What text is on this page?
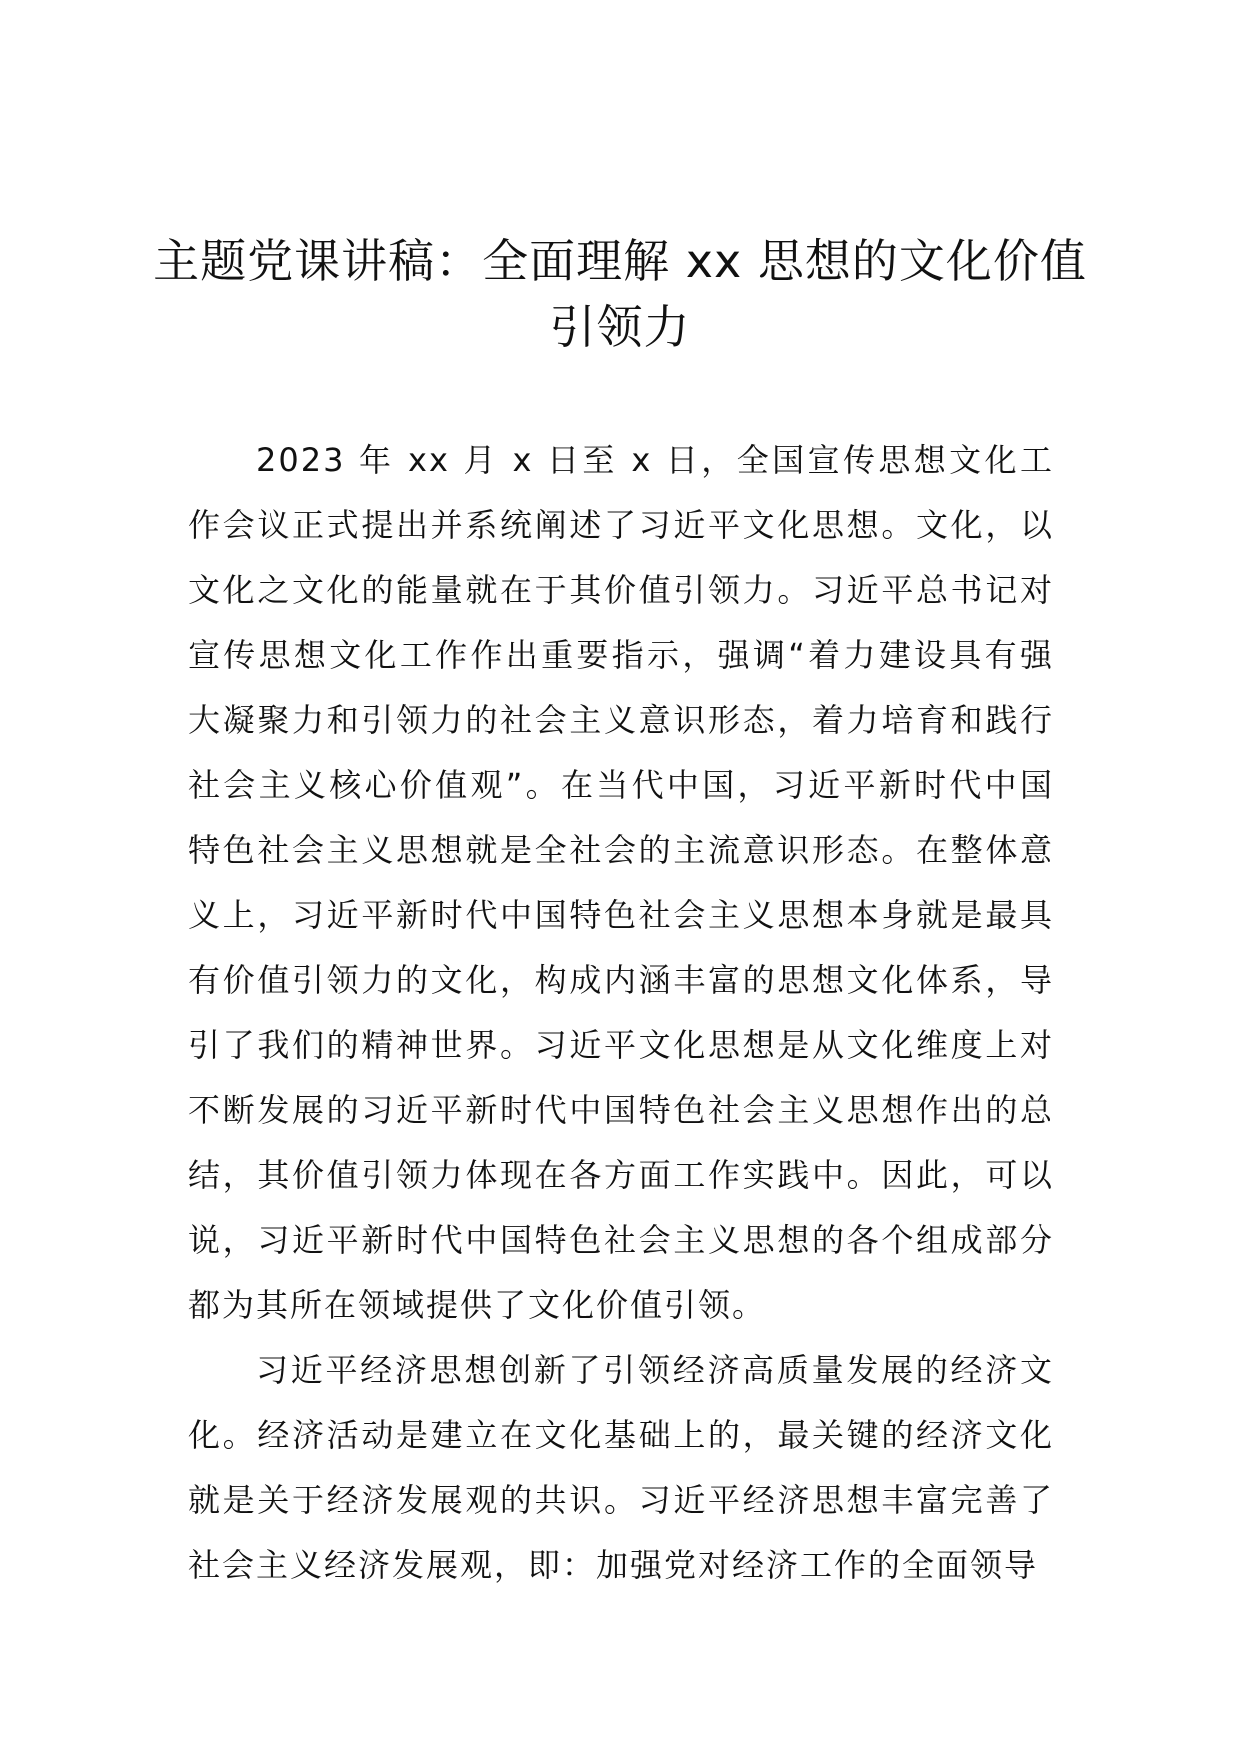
主题党课讲稿：全面理解 xx 思想的文化价值引领力

2023 年 xx 月 x 日至 x 日，全国宣传思想文化工作会议正式提出并系统阐述了习近平文化思想。文化，以文化之文化的能量就在于其价值引领力。习近平总书记对宣传思想文化工作作出重要指示，强调“着力建设具有强大凝聚力和引领力的社会主义意识形态，着力培育和践行社会主义核心价值观”。在当代中国，习近平新时代中国特色社会主义思想就是全社会的主流意识形态。在整体意义上，习近平新时代中国特色社会主义思想本身就是最具有价值引领力的文化，构成内涵丰富的思想文化体系，导引了我们的精神世界。习近平文化思想是从文化维度上对不断发展的习近平新时代中国特色社会主义思想作出的总结，其价值引领力体现在各方面工作实践中。因此，可以说，习近平新时代中国特色社会主义思想的各个组成部分都为其所在领域提供了文化价值引领。

习近平经济思想创新了引领经济高质量发展的经济文化。经济活动是建立在文化基础上的，最关键的经济文化就是关于经济发展观的共识。习近平经济思想丰富完善了社会主义经济发展观，即：加强党对经济工作的全面领导
